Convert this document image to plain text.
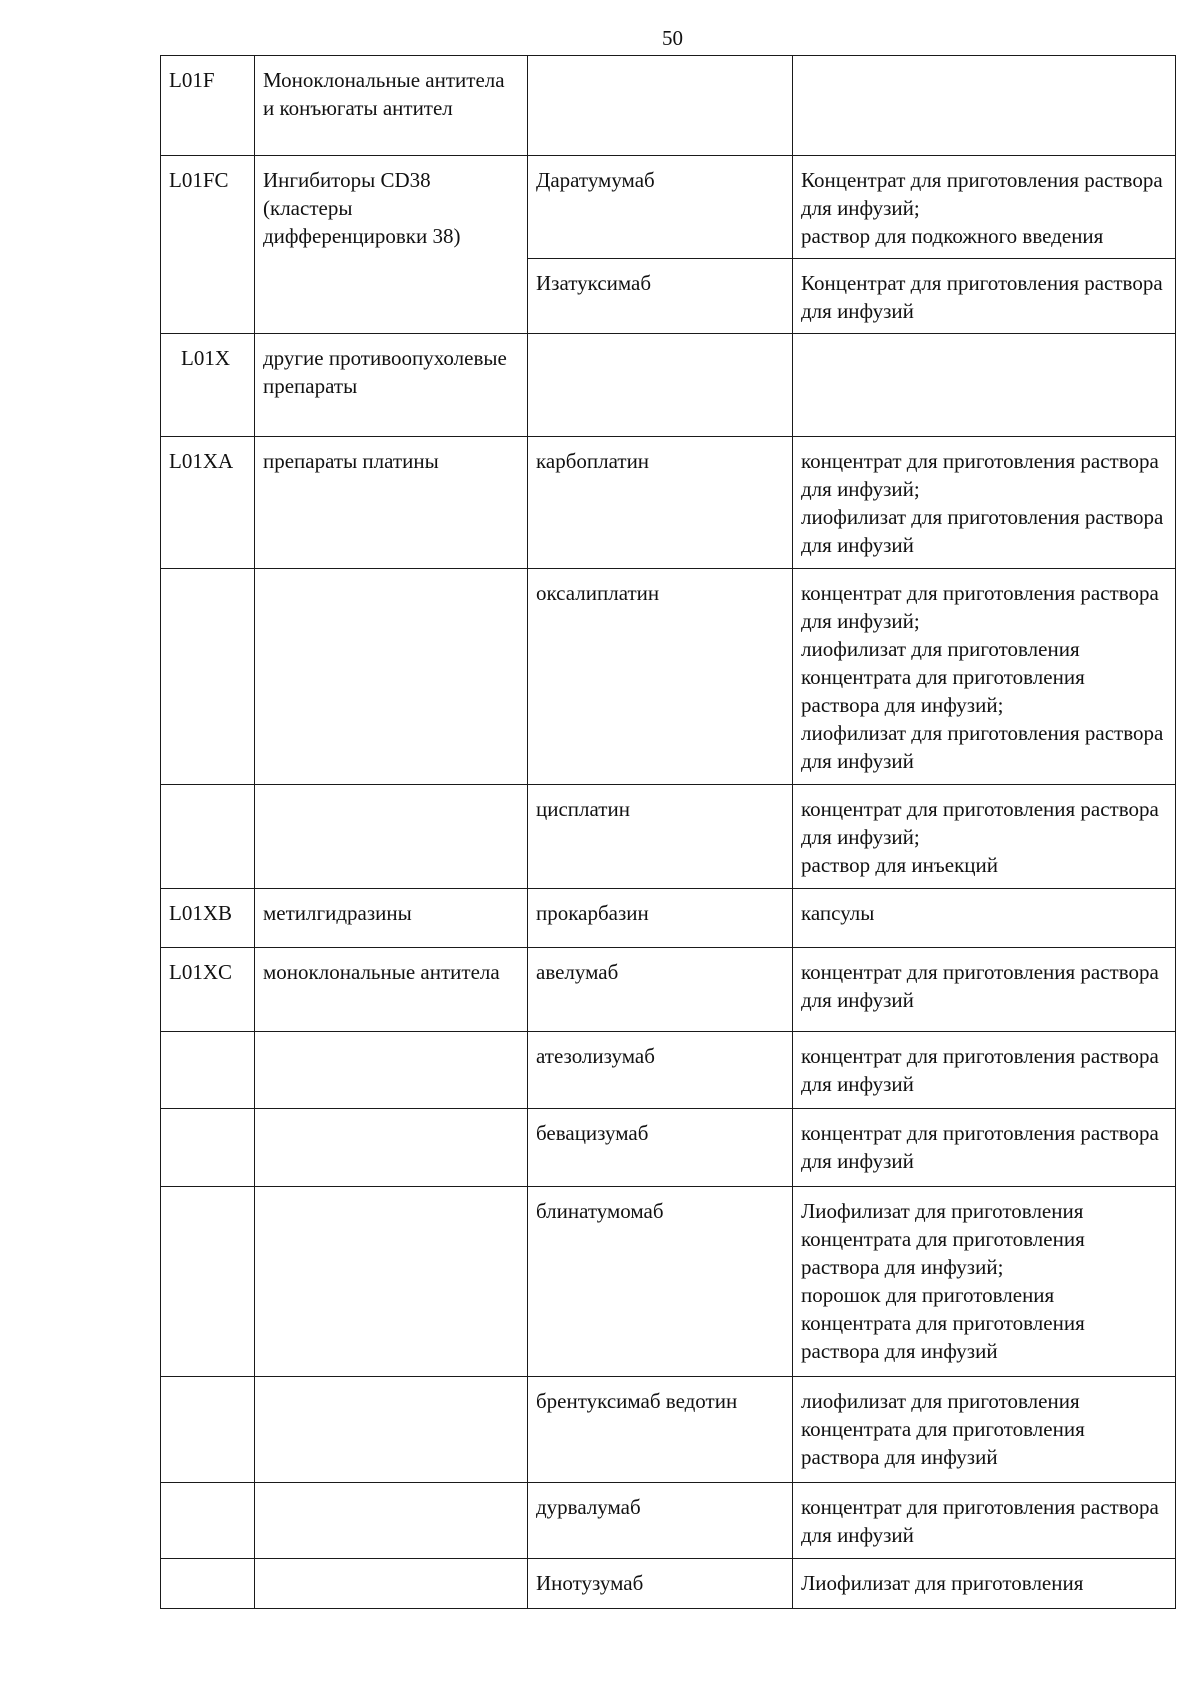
50
L01F	Моноклональные антитела и конъюгаты антител		
L01FC	Ингибиторы CD38 (кластеры дифференцировки 38)	Даратумумаб	Концентрат для приготовления раствора для инфузий;
раствор для подкожного введения
		Изатуксимаб	Концентрат для приготовления раствора для инфузий
L01X	другие противоопухолевые препараты		
L01XA	препараты платины	карбоплатин	концентрат для приготовления раствора для инфузий;
лиофилизат для приготовления раствора для инфузий
		оксалиплатин	концентрат для приготовления раствора для инфузий;
лиофилизат для приготовления концентрата для приготовления раствора для инфузий;
лиофилизат для приготовления раствора для инфузий
		цисплатин	концентрат для приготовления раствора для инфузий;
раствор для инъекций
L01XB	метилгидразины	прокарбазин	капсулы
L01XC	моноклональные антитела	авелумаб	концентрат для приготовления раствора для инфузий
		атезолизумаб	концентрат для приготовления раствора для инфузий
		бевацизумаб	концентрат для приготовления раствора для инфузий
		блинатумомаб	Лиофилизат для приготовления концентрата для приготовления раствора для инфузий;
порошок для приготовления концентрата для приготовления раствора для инфузий
		брентуксимаб ведотин	лиофилизат для приготовления концентрата для приготовления раствора для инфузий
		дурвалумаб	концентрат для приготовления раствора для инфузий
		Инотузумаб	Лиофилизат для приготовления
